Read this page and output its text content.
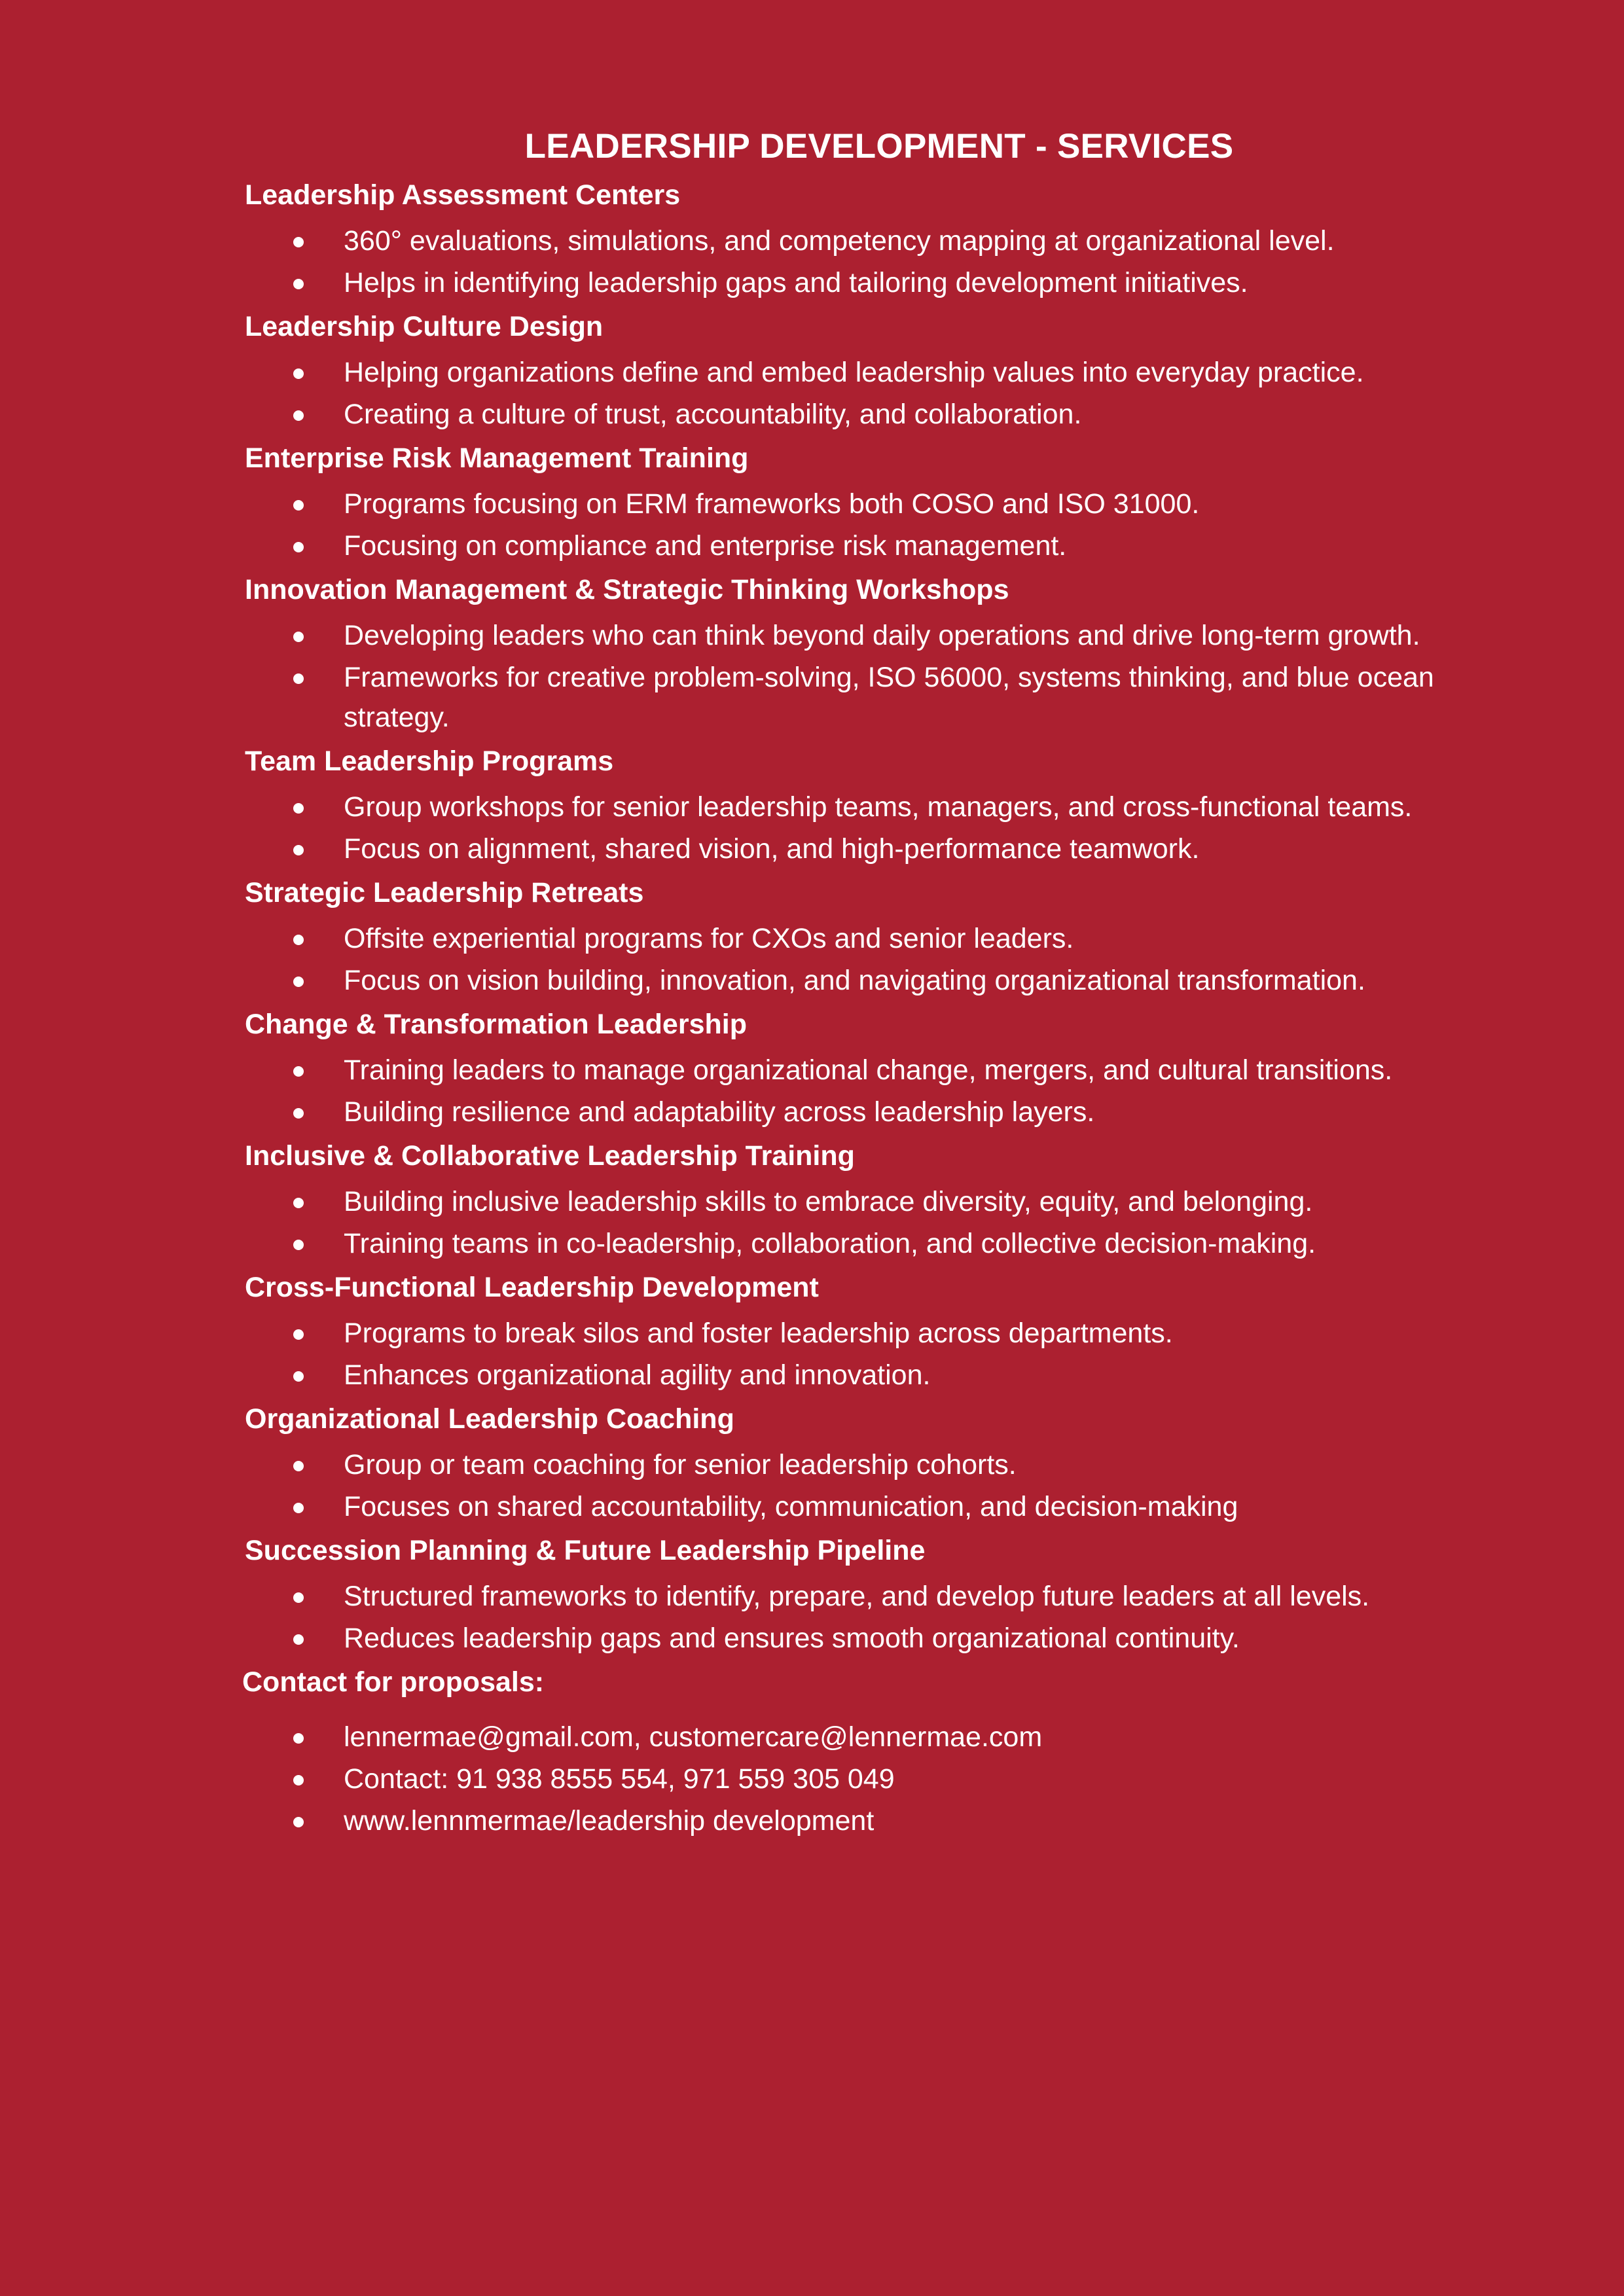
LEADERSHIP DEVELOPMENT - SERVICES
Leadership Assessment Centers
360° evaluations, simulations, and competency mapping at organizational level.
Helps in identifying leadership gaps and tailoring development initiatives.
Leadership Culture Design
Helping organizations define and embed leadership values into everyday practice.
Creating a culture of trust, accountability, and collaboration.
Enterprise Risk Management Training
Programs focusing on ERM frameworks both COSO and ISO 31000.
Focusing on compliance and enterprise risk management.
Innovation Management & Strategic Thinking Workshops
Developing leaders who can think beyond daily operations and drive long-term growth.
Frameworks for creative problem-solving, ISO 56000, systems thinking, and blue ocean strategy.
Team Leadership Programs
Group workshops for senior leadership teams, managers, and cross-functional teams.
Focus on alignment, shared vision, and high-performance teamwork.
Strategic Leadership Retreats
Offsite experiential programs for CXOs and senior leaders.
Focus on vision building, innovation, and navigating organizational transformation.
Change & Transformation Leadership
Training leaders to manage organizational change, mergers, and cultural transitions.
Building resilience and adaptability across leadership layers.
Inclusive & Collaborative Leadership Training
Building inclusive leadership skills to embrace diversity, equity, and belonging.
Training teams in co-leadership, collaboration, and collective decision-making.
Cross-Functional Leadership Development
Programs to break silos and foster leadership across departments.
Enhances organizational agility and innovation.
Organizational Leadership Coaching
Group or team coaching for senior leadership cohorts.
Focuses on shared accountability, communication, and decision-making
Succession Planning & Future Leadership Pipeline
Structured frameworks to identify, prepare, and develop future leaders at all levels.
Reduces leadership gaps and ensures smooth organizational continuity.
Contact for proposals:
lennermae@gmail.com, customercare@lennermae.com
Contact: 91 938 8555 554, 971 559 305 049
www.lennmermae/leadership development
